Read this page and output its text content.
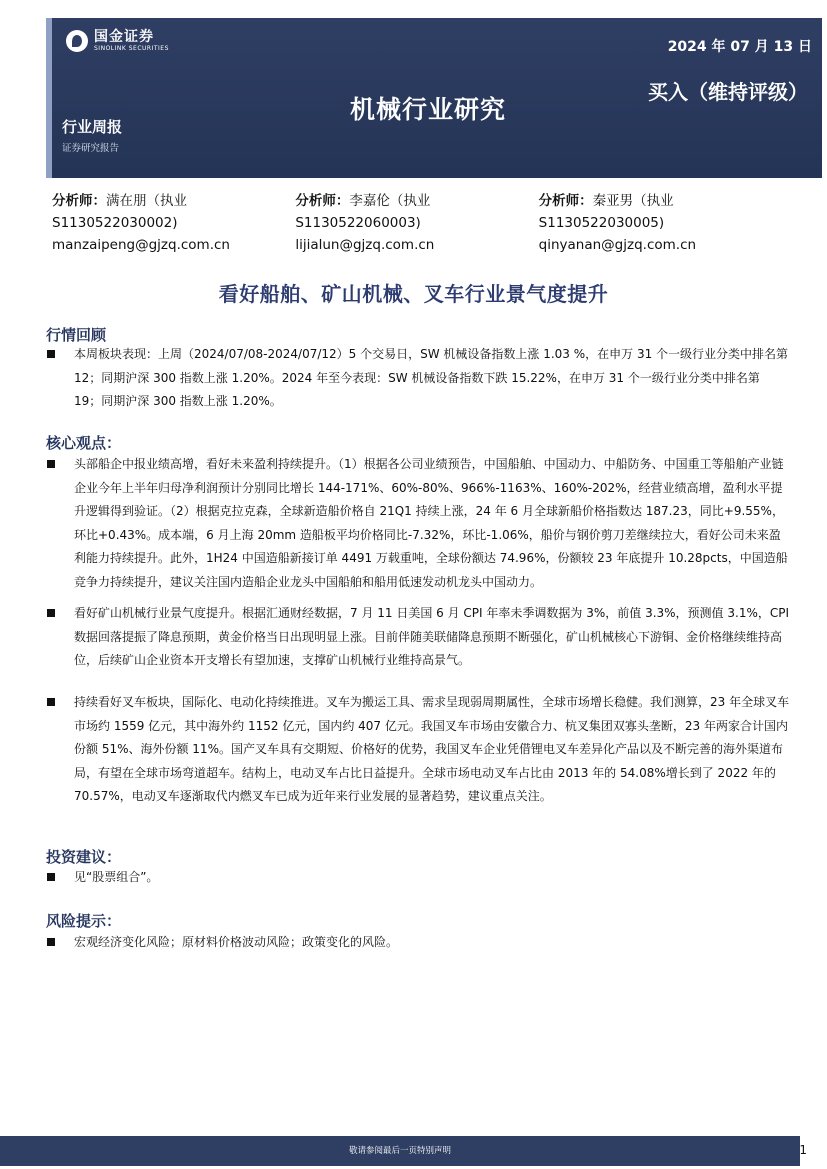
国金证券
SINOLINK SECURITIES	2024 年 07 月 13 日
机械行业研究
买入（维持评级）
行业周报
证券研究报告
分析师：满在朋（执业
S1130522030002)
manzaipeng@gjzq.com.cn
分析师：李嘉伦（执业
S1130522060003)
lijialun@gjzq.com.cn
分析师：秦亚男（执业
S1130522030005)
qinyanan@gjzq.com.cn
看好船舶、矿山机械、叉车行业景气度提升
行情回顾
本周板块表现：上周（2024/07/08-2024/07/12）5 个交易日，SW 机械设备指数上涨 1.03 %，在申万 31 个一级行业分类中排名第 12；同期沪深 300 指数上涨 1.20%。2024 年至今表现：SW 机械设备指数下跌 15.22%，在申万 31 个一级行业分类中排名第 19；同期沪深 300 指数上涨 1.20%。
核心观点：
头部船企中报业绩高增，看好未来盈利持续提升。（1）根据各公司业绩预告，中国船舶、中国动力、中船防务、中国重工等船舶产业链企业今年上半年归母净利润预计分别同比增长 144-171%、60%-80%、966%-1163%、160%-202%，经营业绩高增，盈利水平提升逻辑得到验证。（2）根据克拉克森，全球新造船价格自 21Q1 持续上涨，24 年 6 月全球新船价格指数达 187.23，同比+9.55%，环比+0.43%。成本端，6 月上海 20mm 造船板平均价格同比-7.32%，环比-1.06%，船价与钢价剪刀差继续拉大，看好公司未来盈利能力持续提升。此外，1H24 中国造船新接订单 4491 万载重吨，全球份额达 74.96%，份额较 23 年底提升 10.28pcts，中国造船竞争力持续提升，建议关注国内造船企业龙头中国船舶和船用低速发动机龙头中国动力。
看好矿山机械行业景气度提升。根据汇通财经数据，7 月 11 日美国 6 月 CPI 年率未季调数据为 3%，前值 3.3%，预测值 3.1%，CPI 数据回落提振了降息预期，黄金价格当日出现明显上涨。目前伴随美联储降息预期不断强化，矿山机械核心下游铜、金价格继续维持高位，后续矿山企业资本开支增长有望加速，支撑矿山机械行业维持高景气。
持续看好叉车板块，国际化、电动化持续推进。叉车为搬运工具、需求呈现弱周期属性，全球市场增长稳健。我们测算，23 年全球叉车市场约 1559 亿元，其中海外约 1152 亿元，国内约 407 亿元。我国叉车市场由安徽合力、杭叉集团双寡头垄断，23 年两家合计国内份额 51%、海外份额 11%。国产叉车具有交期短、价格好的优势，我国叉车企业凭借锂电叉车差异化产品以及不断完善的海外渠道布局，有望在全球市场弯道超车。结构上，电动叉车占比日益提升。全球市场电动叉车占比由 2013 年的 54.08%增长到了 2022 年的 70.57%，电动叉车逐渐取代内燃叉车已成为近年来行业发展的显著趋势，建议重点关注。
投资建议：
见“股票组合”。
风险提示：
宏观经济变化风险；原材料价格波动风险；政策变化的风险。
敬请参阅最后一页特别声明	1
